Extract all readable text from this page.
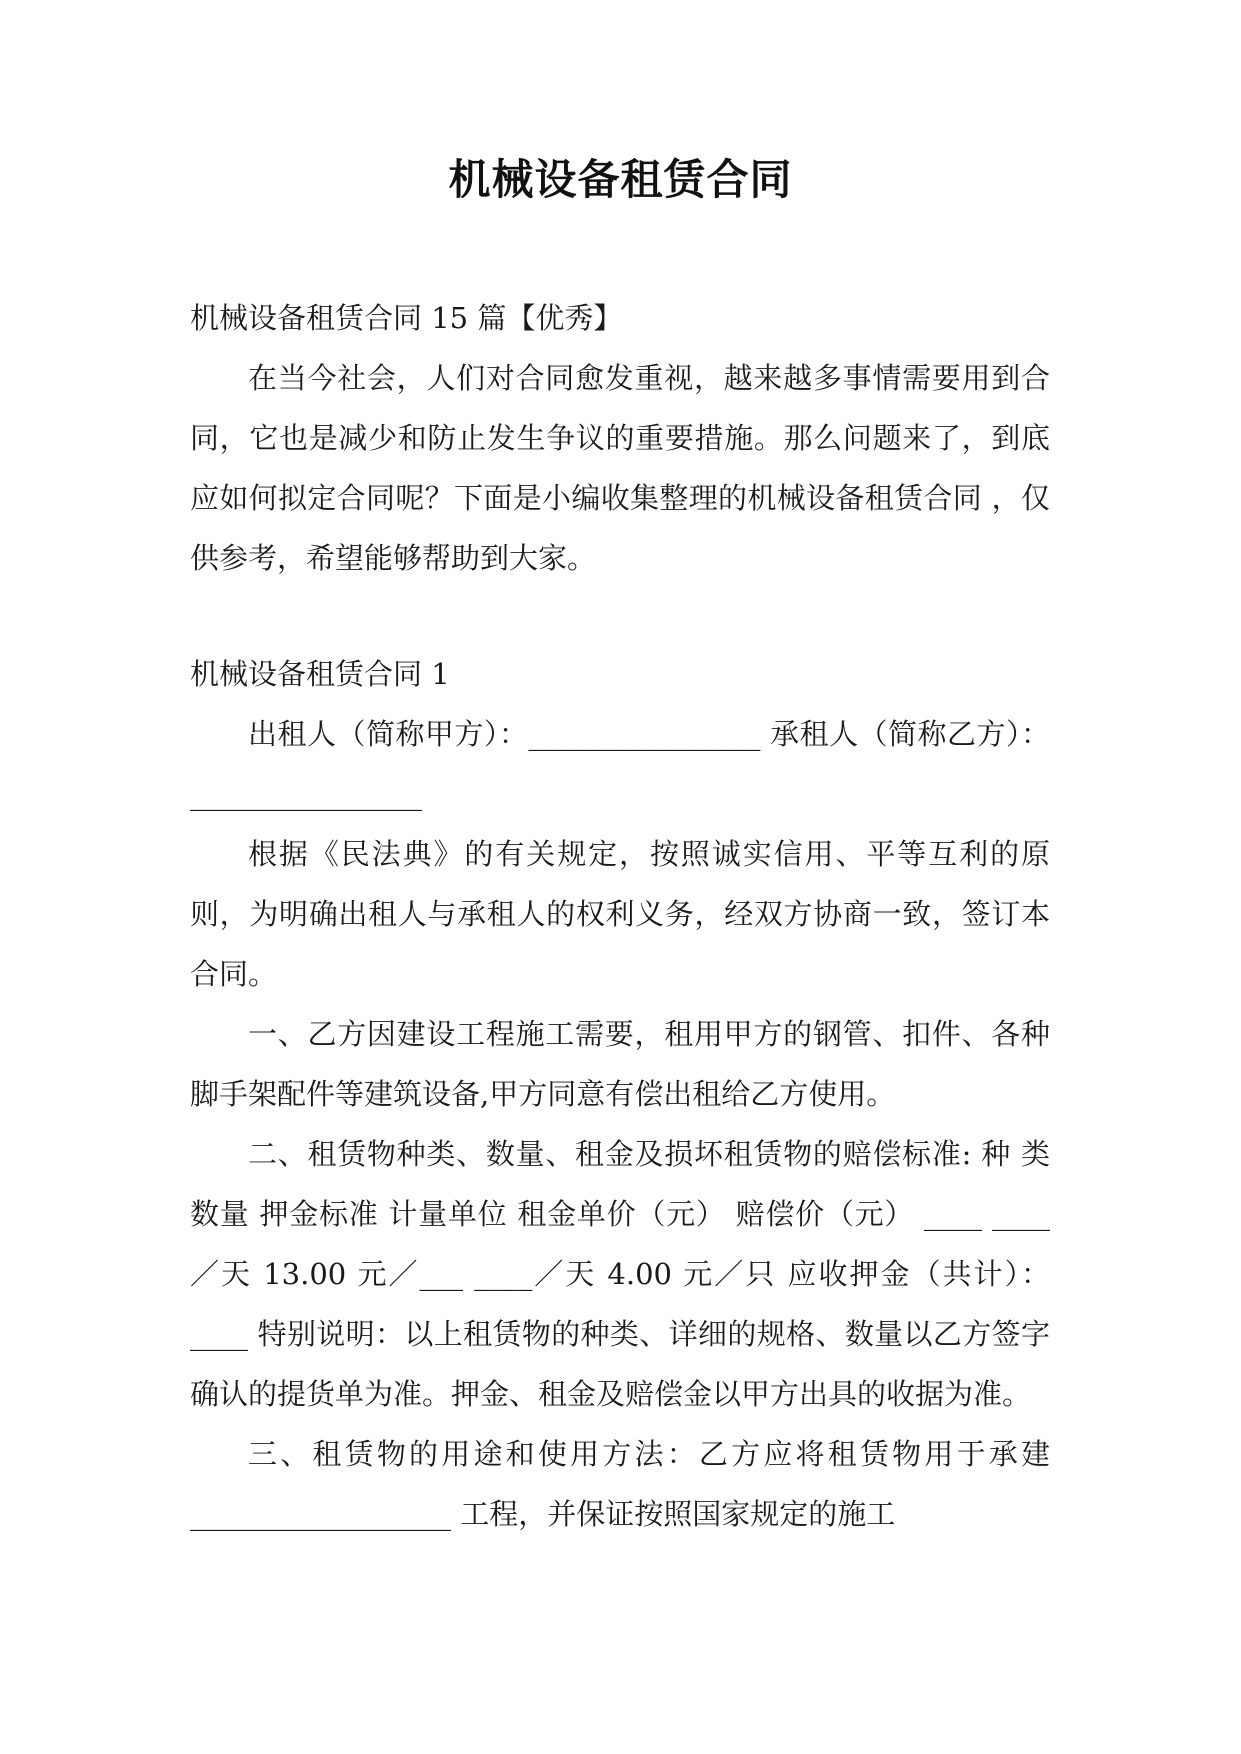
机械设备租赁合同

机械设备租赁合同 15 篇【优秀】

在当今社会，人们对合同愈发重视，越来越多事情需要用到合同，它也是减少和防止发生争议的重要措施。那么问题来了，到底应如何拟定合同呢？下面是小编收集整理的机械设备租赁合同 ，仅供参考，希望能够帮助到大家。

机械设备租赁合同 1

出租人（简称甲方）：________________ 承租人（简称乙方）：________________

根据《民法典》的有关规定，按照诚实信用、平等互利的原则，为明确出租人与承租人的权利义务，经双方协商一致，签订本合同。

一、乙方因建设工程施工需要，租用甲方的钢管、扣件、各种脚手架配件等建筑设备,甲方同意有偿出租给乙方使用。

二、租赁物种类、数量、租金及损坏租赁物的赔偿标准: 种 类 数量 押金标准 计量单位 租金单价（元） 赔偿价（元） ____ ____／天 13.00 元／___ ____／天 4.00 元／只 应收押金（共计）：____ 特别说明：以上租赁物的种类、详细的规格、数量以乙方签字确认的提货单为准。押金、租金及赔偿金以甲方出具的收据为准。

三、租赁物的用途和使用方法：乙方应将租赁物用于承建 __________________ 工程，并保证按照国家规定的施工
